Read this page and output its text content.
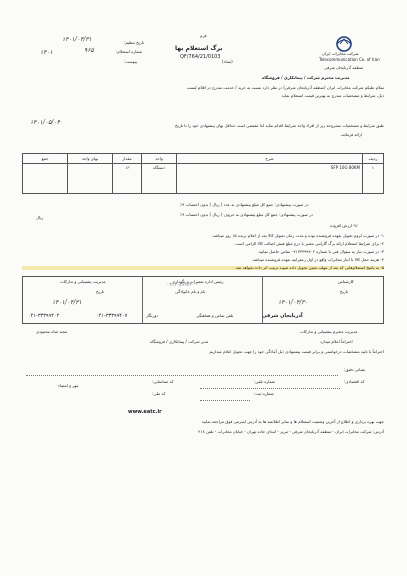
شرکت مخابرات ایران
Telecommunication Co. of Iran
منطقه آذربایجان شرقی
فرم
برگ استعلام بها
QF/764/21/0103
تاریخ تنظیم:
۱۴۰۱/۰۴/۳۱
شماره استعلام:
۹۶۵
۱۴۰۱
پیوست:	(ستاد)
مدیریت محترم شرکت / پیمانکاری / فروشگاه
سلام علیکم شرکت مخابرات ایران (منطقه آذربایجان شرقی) در نظر دارد نسبت به خرید / خدمت مندرج در اقلام لیست
ذیل، شرایط و مشخصات مندرج به بهترین قیمت استعلام نماید
طبق شرایط و مشخصات مشروحه زیر از افراد واجد شرایط اقدام نماید لذا مقتضی است حداقل بهای پیشنهادی خود را تا تاریخ
۱۴۰۱/۰۵/۰۴
ارائه فرمائید.
ردیف	شرح	واحد	مقدار	بهای واحد	جمع
۱	SFP 10G 80KM	دستگاه	۱۲		
در صورت پیشنهادی: جمع کل مبلغ پیشنهادی به عدد ( ریال ) بدون احتساب ۹٪
در صورت پیشنهادی: جمع کل مبلغ پیشنهادی به حروف ( ریال ) بدون احتساب ۹٪
ریال
۹٪ ارزش افزوده
۱- در صورت لزوم تحویل بعهده فروشنده بوده و مدت زمان تحویل کالا بعد از اعلام برنده ۱۵ روز میباشد.
۲- برای شرایط استعلام ارائه برگ گارانتی معتبر با درج مبلغ فیش اصالت کالا الزامی است.
۳- در صورت نیاز به سئوال فنی با شماره ۰۴۱۳۳۳۹۹۴۰۲ تماس حاصل نمایید.
۴- هزینه حمل کالا تا انبار مخابرات واقع در اول زعفرانیه بعهده فروشنده میباشد.
۵- به پاسخ استعلام‌هایی که بعد از مهلت معین تحویل داده شوند ترتیب اثر داده نخواهد شد.
مدیریت پشتیبانی و تدارکات
تاریخ
۱۴۰۱/۰۴/۳۱
رئیس اداره تعمیرات و نگهداری
نام و نام خانوادگی
۰۹۱۴-۸۸۹۷۲۰۰
کارشناس
تاریخ
۱۴۰۱/۰۴/۳۰
آذربایجان شرقی
تلفن تماس و هماهنگی
دورنگار
۰۴۱-۳۳۳۹۹۴۰۲	۰۴۱-۳۳۳۹۹۴۰۷
مدیریت محترم پشتیبانی و تدارکات
مجید شاه محمودی
احتراماً اعلام میدارد
مدیر شرکت / پیمانکاری / فروشگاه
احتراماً با تایید مشخصات درخواستی و برابر قیمت پیشنهادی ذیل آمادگی خود را جهت تحویل اعلام میداریم
نشانی دقیق:
کد اقتصادی:
شماره تلفن:
شماره ثبت:
کد ملی:
کد شناسایی:
مهر و امضاء
www.eatc.ir
جهت بهره برداری و اطلاع از آخرین وضعیت استعلام ها و سایر اطلاعیه ها به آدرس اینترنتی فوق مراجعه نمایید
آدرس: شرکت مخابرات ایران - منطقه آذربایجان شرقی - تبریز - ابتدای جاده تهران - خیابان مخابرات - تلفن ۴۱۸
